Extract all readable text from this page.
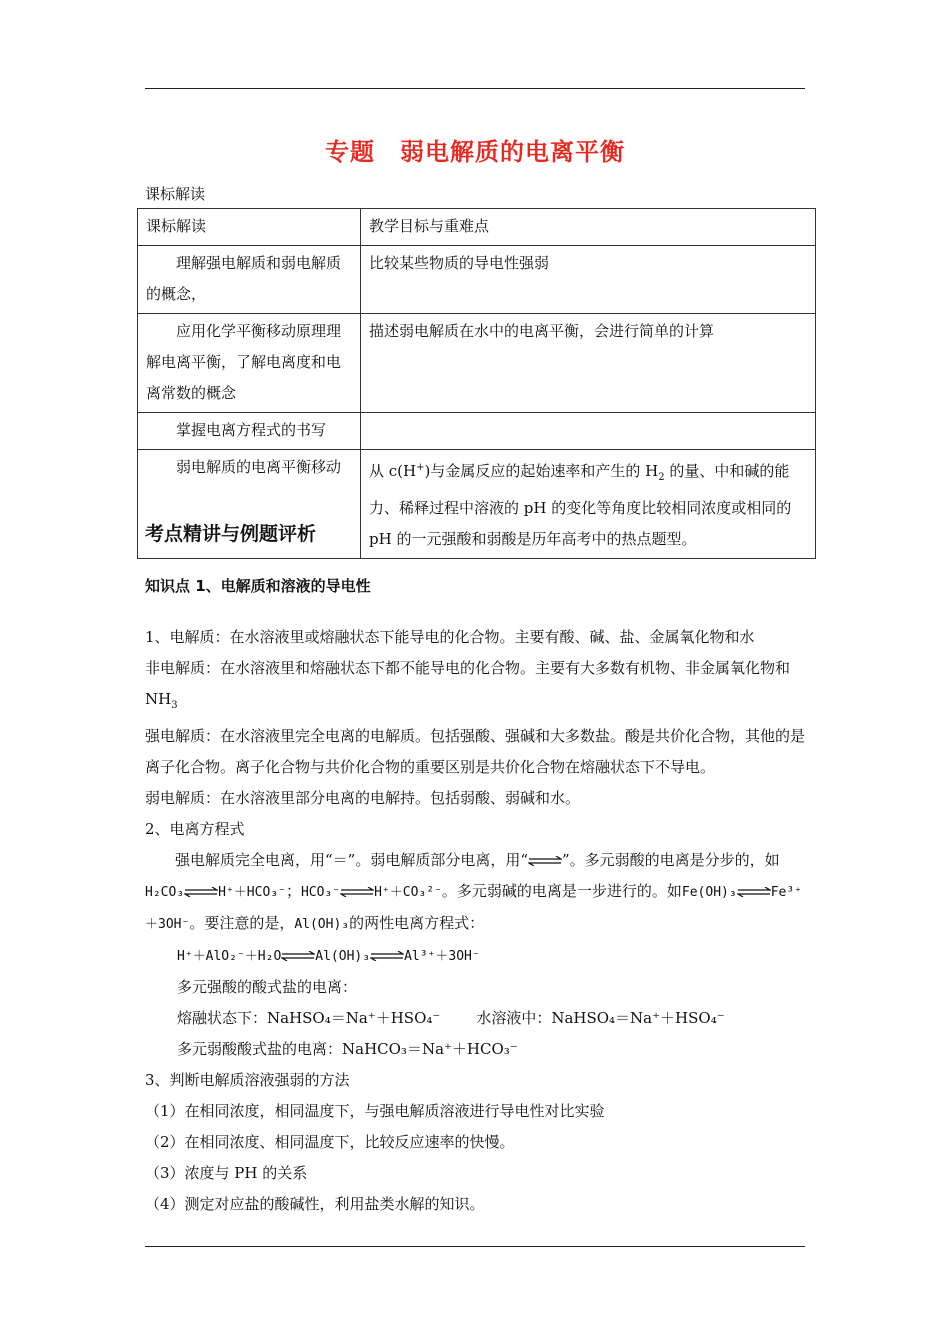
专题　弱电解质的电离平衡
课标解读
课标解读	教学目标与重难点
理解强电解质和弱电解质的概念，	比较某些物质的导电性强弱
应用化学平衡移动原理理解电离平衡，了解电离度和电离常数的概念	描述弱电解质在水中的电离平衡，会进行简单的计算
掌握电离方程式的书写	
弱电解质的电离平衡移动	从 c(H+)与金属反应的起始速率和产生的 $H_2$ 的量、中和碱的能力、稀释过程中溶液的 pH 的变化等角度比较相同浓度或相同的 pH 的一元强酸和弱酸是历年高考中的热点题型。
考点精讲与例题评析
知识点 1、电解质和溶液的导电性

1、电解质：在水溶液里或熔融状态下能导电的化合物。主要有酸、碱、盐、金属氧化物和水

非电解质：在水溶液里和熔融状态下都不能导电的化合物。主要有大多数有机物、非金属氧化物和 $NH_3$

强电解质：在水溶液里完全电离的电解质。包括强酸、强碱和大多数盐。酸是共价化合物，其他的是离子化合物。离子化合物与共价化合物的重要区别是共价化合物在熔融状态下不导电。

弱电解质：在水溶液里部分电离的电解持。包括弱酸、弱碱和水。

2、电离方程式

强电解质完全电离，用“＝”。弱电解质部分电离，用“⇌”。多元弱酸的电离是分步的，如H₂CO₃⇌H⁺＋HCO₃⁻；HCO₃⁻⇌H⁺＋CO₃²⁻。多元弱碱的电离是一步进行的。如Fe(OH)₃⇌Fe³⁺＋3OH⁻。要注意的是，Al(OH)₃的两性电离方程式：

H⁺＋AlO₂⁻＋H₂O⇌Al(OH)₃⇌Al³⁺＋3OH⁻

多元强酸的酸式盐的电离：

熔融状态下：NaHSO₄＝Na⁺＋HSO₄⁻ 水溶液中：NaHSO₄＝Na⁺＋HSO₄⁻

多元弱酸酸式盐的电离：NaHCO₃＝Na⁺＋HCO₃⁻

3、判断电解质溶液强弱的方法

（1）在相同浓度，相同温度下，与强电解质溶液进行导电性对比实验

（2）在相同浓度、相同温度下，比较反应速率的快慢。

（3）浓度与 PH 的关系

（4）测定对应盐的酸碱性，利用盐类水解的知识。
